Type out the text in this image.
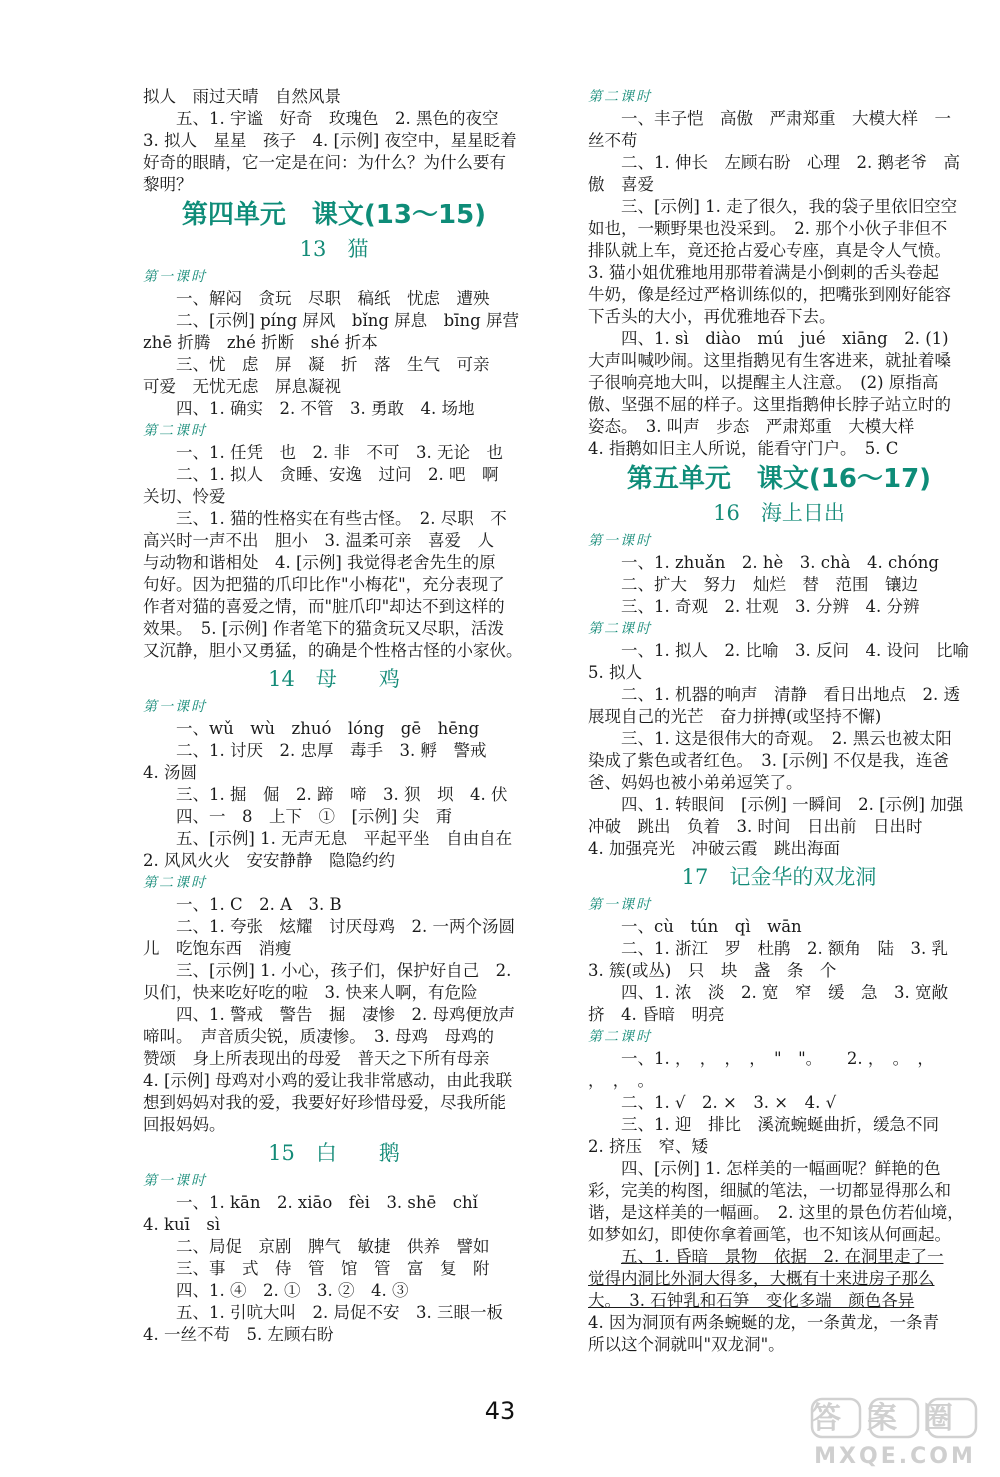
拟人　雨过天晴　自然风景
五、1. 宇谧　好奇　玫瑰色　2. 黑色的夜空
3. 拟人　星星　孩子　4. [示例] 夜空中，星星眨着
好奇的眼睛，它一定是在问：为什么？为什么要有
黎明？
第四单元　课文(13～15)
13　猫
第一课时
一、解闷　贪玩　尽职　稿纸　忧虑　遭殃
二、[示例] píng 屏风　bǐng 屏息　bīng 屏营
zhē 折腾　zhé 折断　shé 折本
三、忧　虑　屏　凝　折　落　生气　可亲
可爱　无忧无虑　屏息凝视
四、1. 确实　2. 不管　3. 勇敢　4. 场地
第二课时
一、1. 任凭　也　2. 非　不可　3. 无论　也
二、1. 拟人　贪睡、安逸　过问　2. 吧　啊　
关切、怜爱
三、1. 猫的性格实在有些古怪。　2. 尽职　不
高兴时一声不出　胆小　3. 温柔可亲　喜爱　人
与动物和谐相处　4. [示例] 我觉得老舍先生的原
句好。因为把猫的爪印比作"小梅花"，充分表现了
作者对猫的喜爱之情，而"脏爪印"却达不到这样的
效果。　5. [示例] 作者笔下的猫贪玩又尽职，活泼
又沉静，胆小又勇猛，的确是个性格古怪的小家伙。
14　母　　鸡
第一课时
一、wǔ　wù　zhuó　lóng　gē　hēng
二、1. 讨厌　2. 忠厚　毒手　3. 孵　警戒
4. 汤圆
三、1. 掘　倔　2. 蹄　啼　3. 狈　坝　4. 伏　
四、一　8　上下　①　[示例] 尖　甭
五、[示例] 1. 无声无息　平起平坐　自由自在
2. 风风火火　安安静静　隐隐约约
第二课时
一、1. C　2. A　3. B
二、1. 夸张　炫耀　讨厌母鸡　2. 一两个汤圆
儿　吃饱东西　消瘦
三、[示例] 1. 小心，孩子们，保护好自己　2.
贝们，快来吃好吃的啦　3. 快来人啊，有危险
四、1. 警戒　警告　掘　凄惨　2. 母鸡便放声
啼叫。　声音质尖锐，质凄惨。　3. 母鸡　母鸡的
赞颂　身上所表现出的母爱　普天之下所有母亲
4. [示例] 母鸡对小鸡的爱让我非常感动，由此我联
想到妈妈对我的爱，我要好好珍惜母爱，尽我所能
回报妈妈。
15　白　　鹅
第一课时
一、1. kān　2. xiāo　fèi　3. shē　chǐ　
4. kuī　sì
二、局促　京剧　脾气　敏捷　供养　譬如
三、事　式　侍　管　馆　管　富　复　附
四、1. ④　2. ①　3. ②　4. ③
五、1. 引吭大叫　2. 局促不安　3. 三眼一板
4. 一丝不苟　5. 左顾右盼
第二课时
一、丰子恺　高傲　严肃郑重　大模大样　一
丝不苟
二、1. 伸长　左顾右盼　心理　2. 鹅老爷　高
傲　喜爱
三、[示例] 1. 走了很久，我的袋子里依旧空空
如也，一颗野果也没采到。　2. 那个小伙子非但不
排队就上车，竟还抢占爱心专座，真是令人气愤。
3. 猫小姐优雅地用那带着满是小倒刺的舌头卷起
牛奶，像是经过严格训练似的，把嘴张到刚好能容
下舌头的大小，再优雅地吞下去。
四、1. sì　diào　mú　jué　xiāng　2. (1)
大声叫喊吵闹。这里指鹅见有生客进来，就扯着嗓
子很响亮地大叫，以提醒主人注意。　(2) 原指高
傲、坚强不屈的样子。这里指鹅伸长脖子站立时的
姿态。　3. 叫声　步态　严肃郑重　大模大样
4. 指鹅如旧主人所说，能看守门户。　5. C
第五单元　课文(16～17)
16　海上日出
第一课时
一、1. zhuǎn　2. hè　3. chà　4. chóng
二、扩大　努力　灿烂　替　范围　镶边
三、1. 奇观　2. 壮观　3. 分辨　4. 分辨
第二课时
一、1. 拟人　2. 比喻　3. 反问　4. 设问　比喻
5. 拟人
二、1. 机器的响声　清静　看日出地点　2. 透
展现自己的光芒　奋力拼搏(或坚持不懈)
三、1. 这是很伟大的奇观。　2. 黑云也被太阳
染成了紫色或者红色。　3. [示例] 不仅是我，连爸
爸、妈妈也被小弟弟逗笑了。
四、1. 转眼间　[示例] 一瞬间　2. [示例] 加强
冲破　跳出　负着　3. 时间　日出前　日出时
4. 加强亮光　冲破云霞　跳出海面
17　记金华的双龙洞
第一课时
一、cù　tún　qì　wān
二、1. 浙江　罗　杜鹃　2. 额角　陆　3. 乳　
3. 簇(或丛)　只　块　盏　条　个
四、1. 浓　淡　2. 宽　窄　缓　急　3. 宽敞　
挤　4. 昏暗　明亮
第二课时
一、1. ，　，　，　，　"　"。　　2. ，　。　，
，　，　。
二、1. √　2. ×　3. ×　4. √
三、1. 迎　排比　溪流蜿蜒曲折，缓急不同
2. 挤压　窄、矮
四、[示例] 1. 怎样美的一幅画呢？鲜艳的色
彩，完美的构图，细腻的笔法，一切都显得那么和
谐，是这样美的一幅画。　2. 这里的景色仿若仙境，
如梦如幻，即使你拿着画笔，也不知该从何画起。
五、1. 昏暗　景物　依据　2. 在洞里走了一
觉得内洞比外洞大得多，大概有十来进房子那么
大。　3. 石钟乳和石笋　变化多端　颜色各异
4. 因为洞顶有两条蜿蜒的龙，一条黄龙，一条青
所以这个洞就叫"双龙洞"。
43	答案圈
MXQE.COM
